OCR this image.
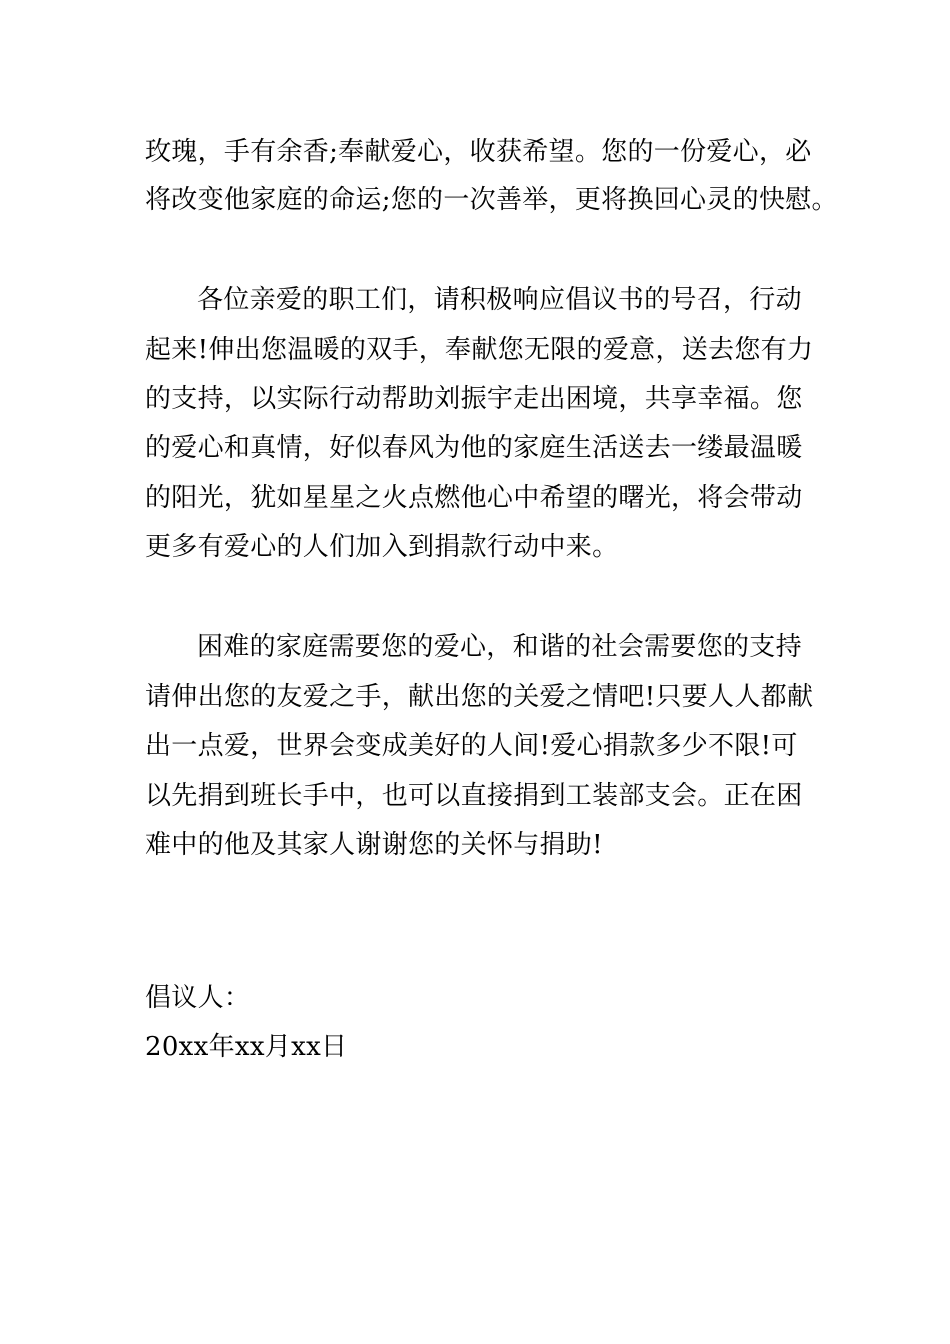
玫瑰，手有余香;奉献爱心，收获希望。您的一份爱心，必
将改变他家庭的命运;您的一次善举，更将换回心灵的快慰。
各位亲爱的职工们，请积极响应倡议书的号召，行动
起来!伸出您温暖的双手，奉献您无限的爱意，送去您有力
的支持，以实际行动帮助刘振宇走出困境，共享幸福。您
的爱心和真情，好似春风为他的家庭生活送去一缕最温暖
的阳光，犹如星星之火点燃他心中希望的曙光，将会带动
更多有爱心的人们加入到捐款行动中来。
困难的家庭需要您的爱心，和谐的社会需要您的支持
请伸出您的友爱之手，献出您的关爱之情吧!只要人人都献
出一点爱，世界会变成美好的人间!爱心捐款多少不限!可
以先捐到班长手中，也可以直接捐到工装部支会。正在困
难中的他及其家人谢谢您的关怀与捐助!
倡议人：
20xx年xx月xx日
